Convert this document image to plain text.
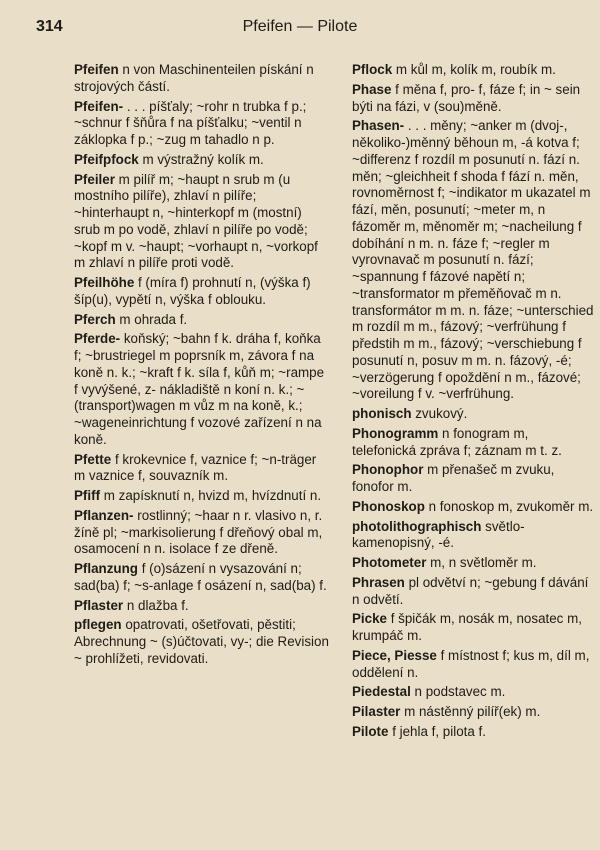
314	Pfeifen — Pilote
Pfeifen n von Maschinenteilen pískání n strojových částí.
Pfeifen- . . . píšťaly; ~rohr n trubka f p.; ~schnur f šňůra f na píšťalku; ~ventil n záklopka f p.; ~zug m tahadlo n p.
Pfeifpfock m výstražný kolík m.
Pfeiler m pilíř m; ~haupt n srub m (u mostního pilíře), zhlaví n pilíře; ~hinterhaupt n, ~hinterkopf m (mostní) srub m po vodě, zhlaví n pilíře po vodě; ~kopf m v. ~haupt; ~vorhaupt n, ~vorkopf m zhlaví n pilíře proti vodě.
Pfeilhöhe f (míra f) prohnutí n, (výška f) šíp(u), vypětí n, výška f oblouku.
Pferch m ohrada f.
Pferde- koňský; ~bahn f k. dráha f, koňka f; ~brustriegel m poprsník m, závora f na koně n. k.; ~kraft f k. síla f, kůň m; ~rampe f vyvýšené, z- nákladiště n koní n. k.; ~(transport)wagen m vůz m na koně, k.; ~wageneinrichtung f vozové zařízení n na koně.
Pfette f krokevnice f, vaznice f; ~n-träger m vaznice f, souvazník m.
Pfiff m zapísknutí n, hvizd m, hvízdnutí n.
Pflanzen- rostlinný; ~haar n r. vlasivo n, r. žíně pl; ~markisolierung f dřeňový obal m, osamocení n n. isolace f ze dřeně.
Pflanzung f (o)sázení n vysazování n; sad(ba) f; ~s-anlage f osázení n, sad(ba) f.
Pflaster n dlažba f.
pflegen opatrovati, ošetřovati, pěstiti; Abrechnung ~ (s)účtovati, vy-; die Revision ~ prohlížeti, revidovati.
Pflock m kůl m, kolík m, roubík m.
Phase f měna f, pro- f, fáze f; in ~ sein býti na fázi, v (sou)měně.
Phasen- . . . měny; ~anker m (dvoj-, několiko-)měnný běhoun m, -á kotva f; ~differenz f rozdíl m posunutí n. fází n. měn; ~gleichheit f shoda f fází n. měn, rovnoměrnost f; ~indikator m ukazatel m fází, měn, posunutí; ~meter m, n fázoměr m, měnoměr m; ~nacheilung f dobíhání n m. n. fáze f; ~regler m vyrovnavač m posunutí n. fází; ~spannung f fázové napětí n; ~transformator m přeměňovač m n. transformátor m m. n. fáze; ~unterschied m rozdíl m m., fázový; ~verfrühung f předstih m m., fázový; ~verschiebung f posunutí n, posuv m m. n. fázový, -é; ~verzögerung f opoždění n m., fázové; ~voreilung f v. ~verfrühung.
phonisch zvukový.
Phonogramm n fonogram m, telefonická zpráva f; záznam m t. z.
Phonophor m přenašeč m zvuku, fonofor m.
Phonoskop n fonoskop m, zvukoměr m.
photolithographisch světlo-kamenopisný, -é.
Photometer m, n světloměr m.
Phrasen pl odvětví n; ~gebung f dávání n odvětí.
Picke f špičák m, nosák m, nosatec m, krumpáč m.
Piece, Piesse f místnost f; kus m, díl m, oddělení n.
Piedestal n podstavec m.
Pilaster m nástěnný pilíř(ek) m.
Pilote f jehla f, pilota f.
